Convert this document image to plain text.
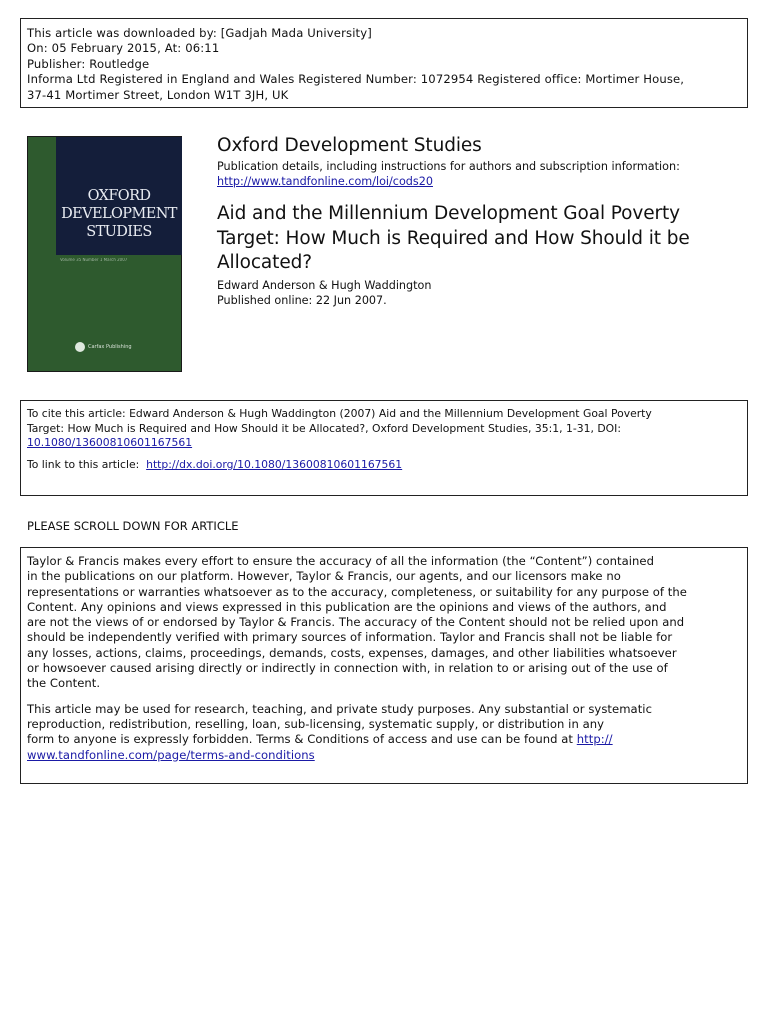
This article was downloaded by: [Gadjah Mada University]
On: 05 February 2015, At: 06:11
Publisher: Routledge
Informa Ltd Registered in England and Wales Registered Number: 1072954 Registered office: Mortimer House,
37-41 Mortimer Street, London W1T 3JH, UK
OXFORD
DEVELOPMENT
STUDIES
Volume 35 Number 1 March 2007
Carfax Publishing
Oxford Development Studies
Publication details, including instructions for authors and subscription information:
http://www.tandfonline.com/loi/cods20
Aid and the Millennium Development Goal Poverty
Target: How Much is Required and How Should it be
Allocated?
Edward Anderson & Hugh Waddington
Published online: 22 Jun 2007.
To cite this article: Edward Anderson & Hugh Waddington (2007) Aid and the Millennium Development Goal Poverty
Target: How Much is Required and How Should it be Allocated?, Oxford Development Studies, 35:1, 1-31, DOI:
10.1080/13600810601167561
To link to this article: http://dx.doi.org/10.1080/13600810601167561
PLEASE SCROLL DOWN FOR ARTICLE
Taylor & Francis makes every effort to ensure the accuracy of all the information (the “Content”) contained
in the publications on our platform. However, Taylor & Francis, our agents, and our licensors make no
representations or warranties whatsoever as to the accuracy, completeness, or suitability for any purpose of the
Content. Any opinions and views expressed in this publication are the opinions and views of the authors, and
are not the views of or endorsed by Taylor & Francis. The accuracy of the Content should not be relied upon and
should be independently verified with primary sources of information. Taylor and Francis shall not be liable for
any losses, actions, claims, proceedings, demands, costs, expenses, damages, and other liabilities whatsoever
or howsoever caused arising directly or indirectly in connection with, in relation to or arising out of the use of
the Content.
This article may be used for research, teaching, and private study purposes. Any substantial or systematic
reproduction, redistribution, reselling, loan, sub-licensing, systematic supply, or distribution in any
form to anyone is expressly forbidden. Terms & Conditions of access and use can be found at http://
www.tandfonline.com/page/terms-and-conditions
